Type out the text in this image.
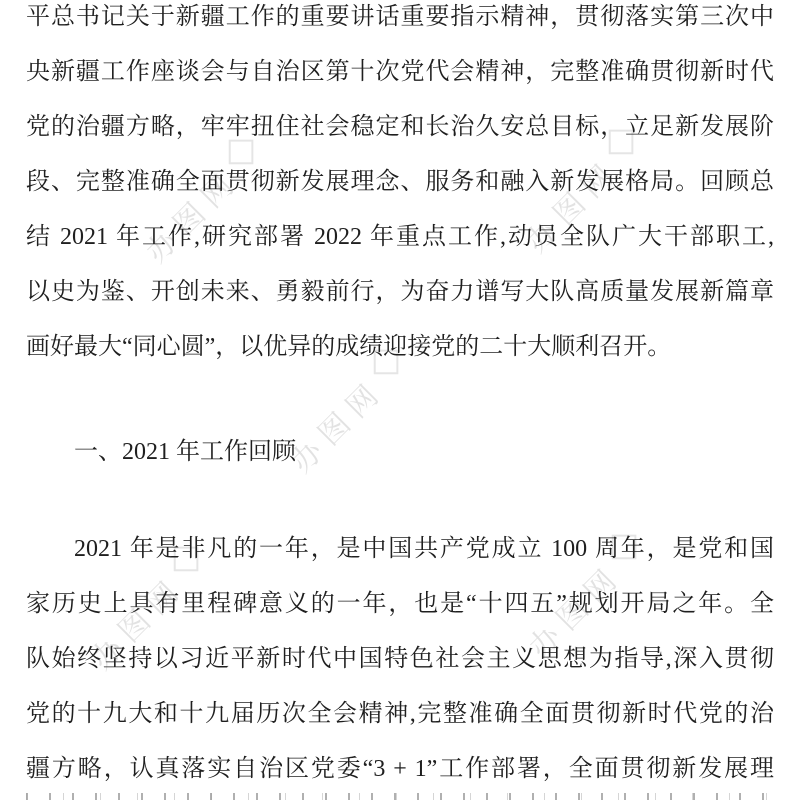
办图网	办图网
办图网
办图网
办图网
平总书记关于新疆工作的重要讲话重要指示精神，贯彻落实第三次中
央新疆工作座谈会与自治区第十次党代会精神，完整准确贯彻新时代
党的治疆方略，牢牢扭住社会稳定和长治久安总目标，立足新发展阶
段、完整准确全面贯彻新发展理念、服务和融入新发展格局。回顾总
结 2021 年工作,研究部署 2022 年重点工作,动员全队广大干部职工,
以史为鉴、开创未来、勇毅前行，为奋力谱写大队高质量发展新篇章
画好最大“同心圆”，以优异的成绩迎接党的二十大顺利召开。
一、2021 年工作回顾
2021 年是非凡的一年，是中国共产党成立 100 周年，是党和国
家历史上具有里程碑意义的一年，也是“十四五”规划开局之年。全
队始终坚持以习近平新时代中国特色社会主义思想为指导,深入贯彻
党的十九大和十九届历次全会精神,完整准确全面贯彻新时代党的治
疆方略，认真落实自治区党委“3 + 1”工作部署，全面贯彻新发展理
